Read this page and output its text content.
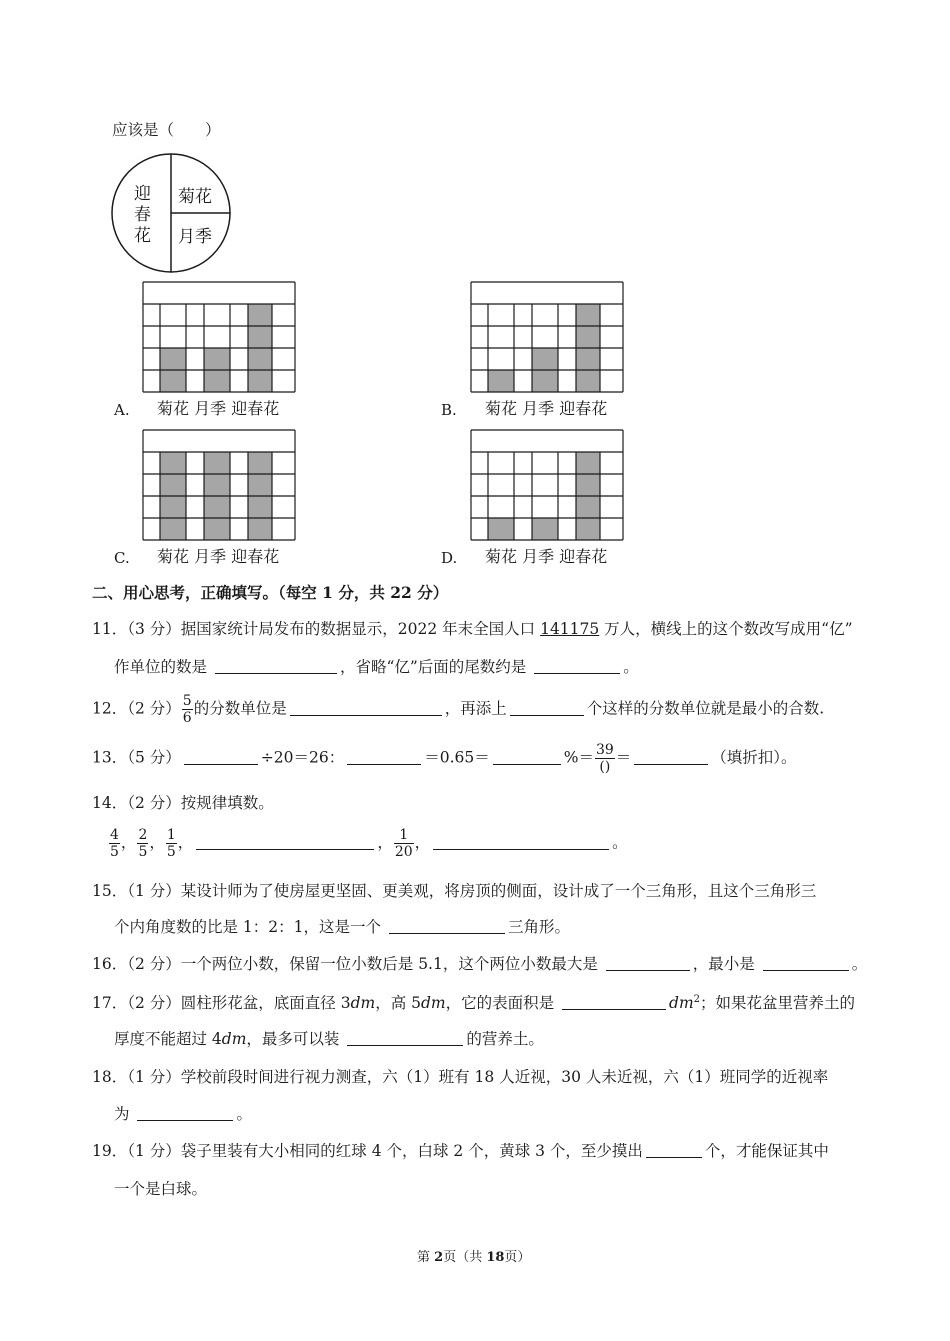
应该是（　　）
迎
春
花
菊花
月季
A. 菊花 月季 迎春花	B. 菊花 月季 迎春花
C. 菊花 月季 迎春花	D. 菊花 月季 迎春花
二、用心思考，正确填写。（每空 1 分，共 22 分）
11．（3 分）据国家统计局发布的数据显示，2022 年末全国人口 141175 万人，横线上的这个数改写成用“亿”
作单位的数是	，省略“亿”后面的尾数约是	。
12．（2 分） $\frac{5}{6}$ 的分数单位是	，再添上	个这样的分数单位就是最小的合数.
13．（5 分）	÷20＝26：	＝0.65＝	%＝ $\frac{39}{()}$ ＝	（填折扣）。
14．（2 分）按规律填数。
$\frac{4}{5}$ ， $\frac{2}{5}$ ， $\frac{1}{5}$ ，	， $\frac{1}{20}$ ，	。
15．（1 分）某设计师为了使房屋更坚固、更美观，将房顶的侧面，设计成了一个三角形，且这个三角形三
个内角度数的比是 1：2：1，这是一个	三角形。
16．（2 分）一个两位小数，保留一位小数后是 5.1，这个两位小数最大是	，最小是	。
17．（2 分）圆柱形花盆，底面直径 3dm，高 5dm，它的表面积是	$dm^2$；如果花盆里营养土的
厚度不能超过 4dm，最多可以装	的营养土。
18．（1 分）学校前段时间进行视力测查，六（1）班有 18 人近视，30 人未近视，六（1）班同学的近视率
为	。
19．（1 分）袋子里装有大小相同的红球 4 个，白球 2 个，黄球 3 个，至少摸出	个，才能保证其中
一个是白球。
第 2页（共 18页）
